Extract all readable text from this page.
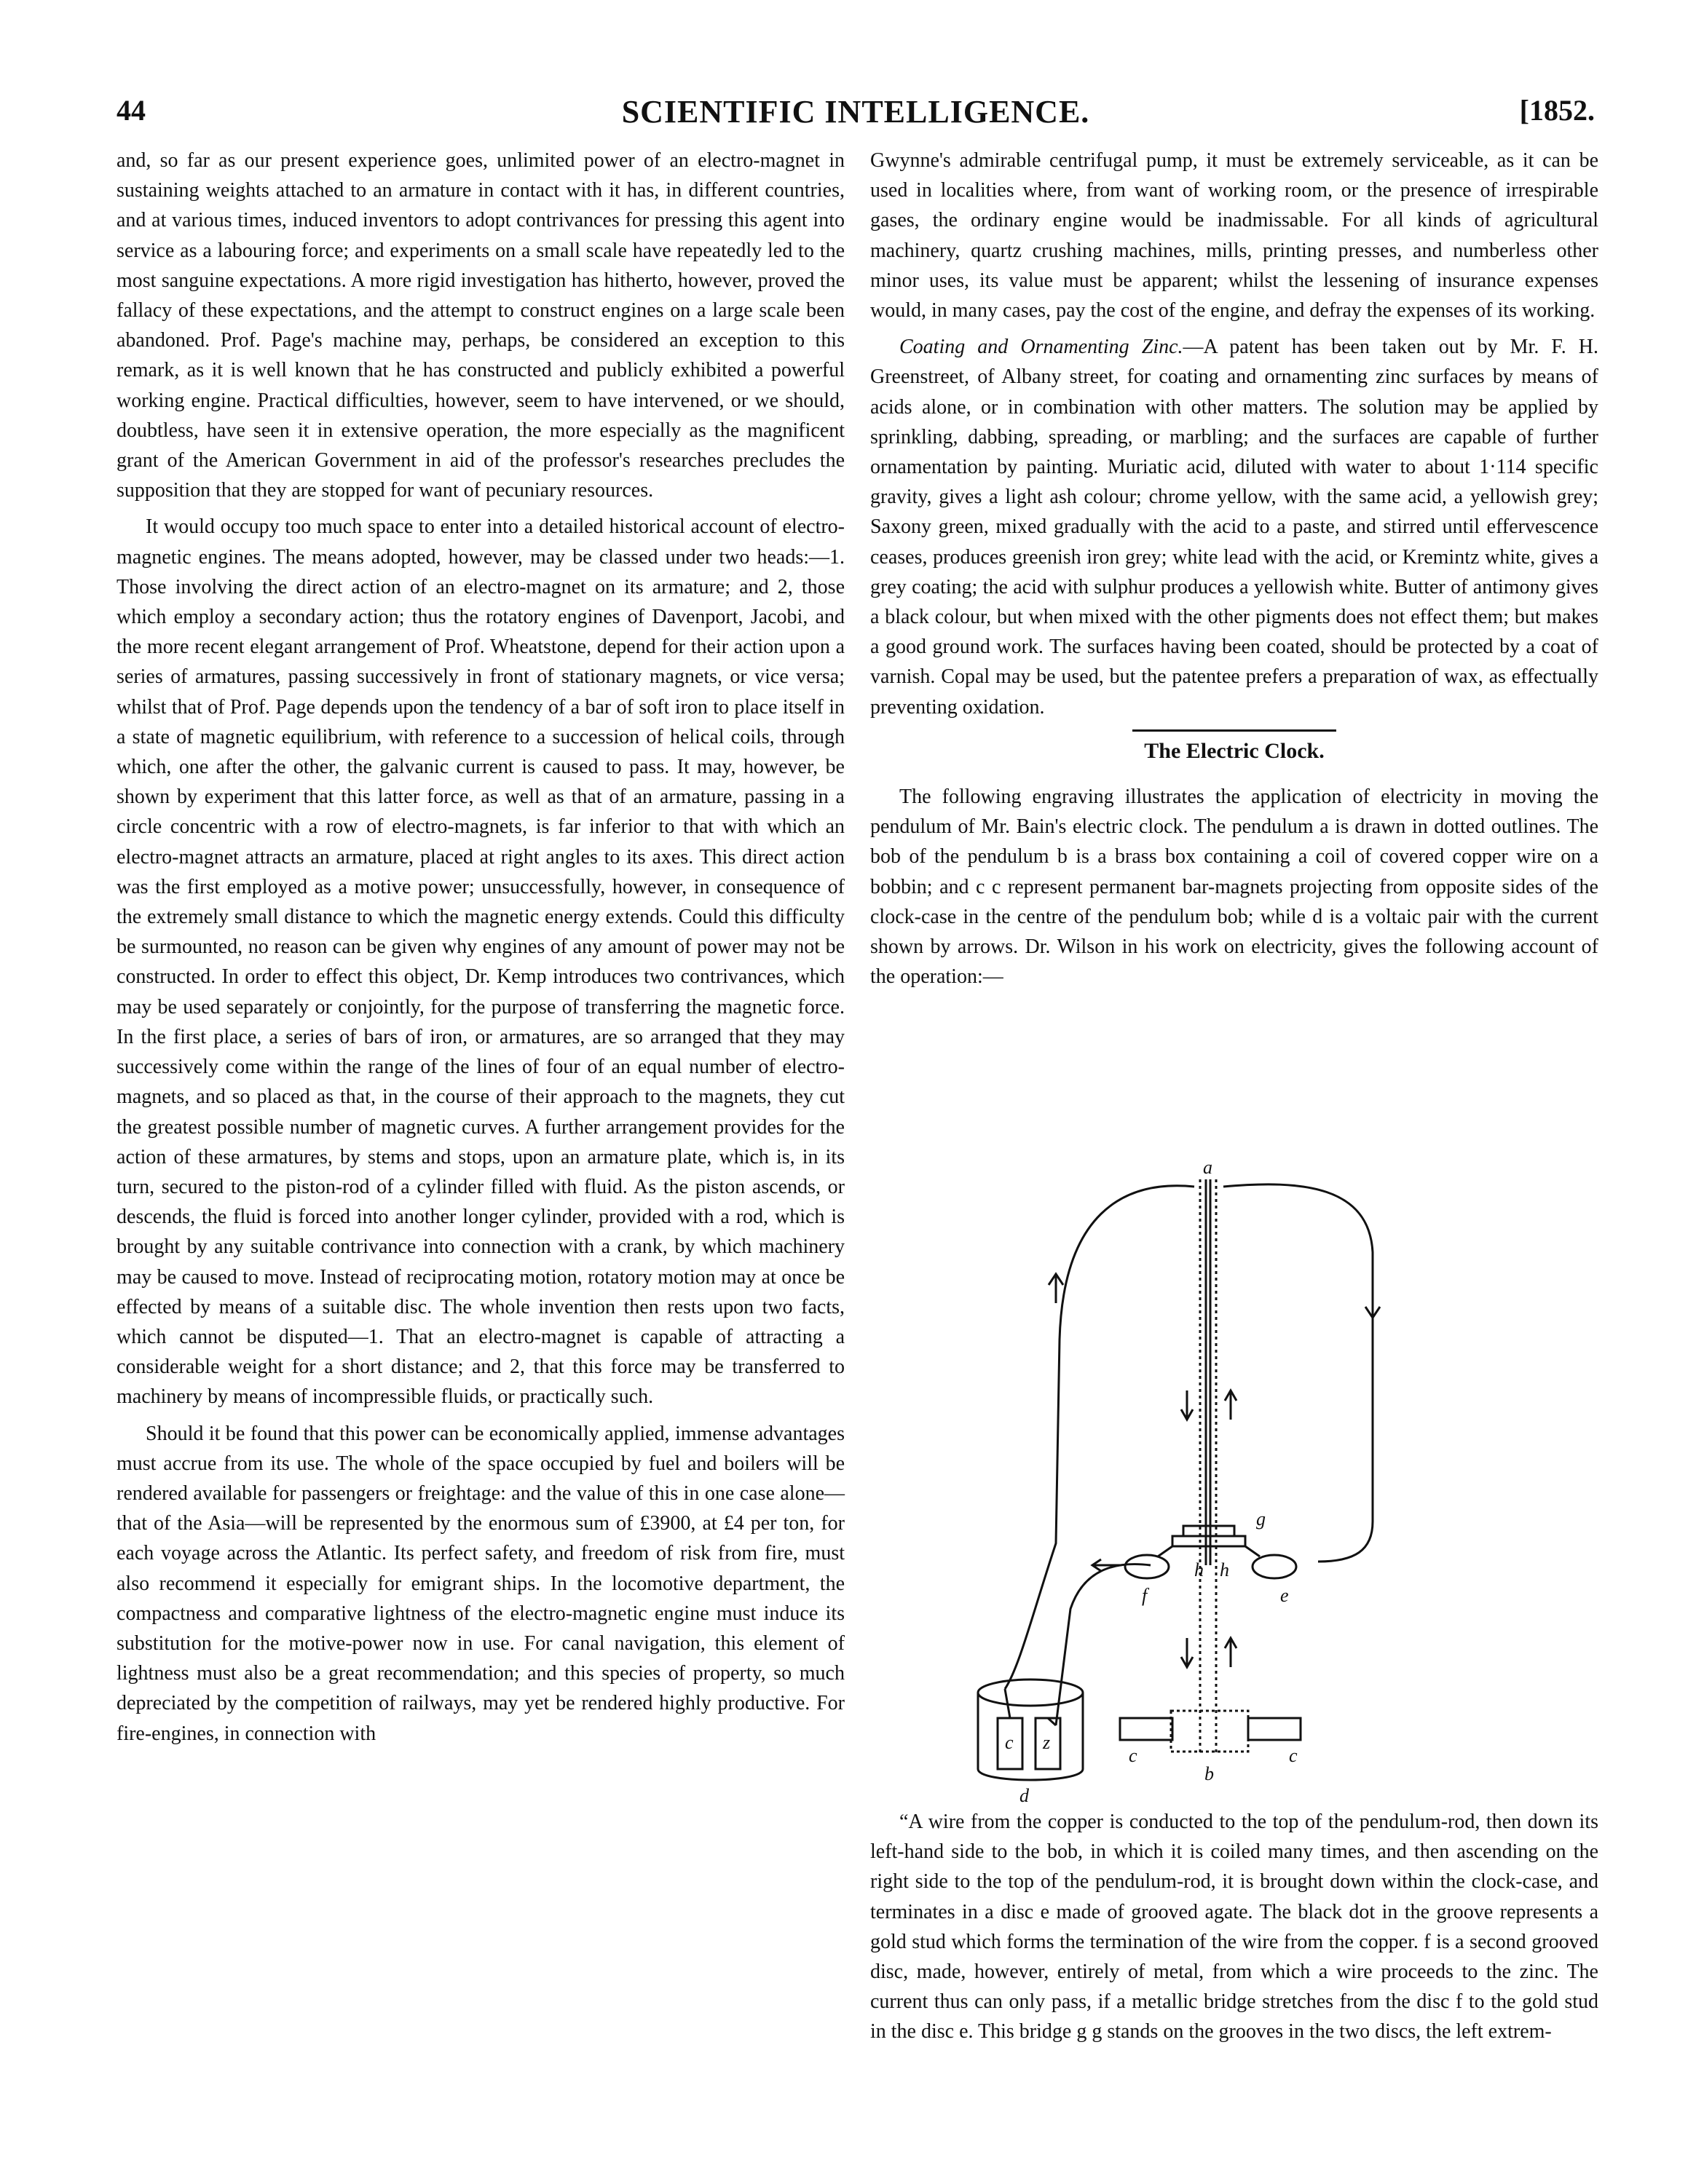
44	SCIENTIFIC INTELLIGENCE.	[1852.

and, so far as our present experience goes, unlimited power of an electro-magnet in sustaining weights attached to an armature in contact with it has, in different countries, and at various times, induced inventors to adopt contrivances for pressing this agent into service as a labouring force; and experiments on a small scale have repeatedly led to the most sanguine expectations. A more rigid investigation has hitherto, however, proved the fallacy of these expectations, and the attempt to construct engines on a large scale been abandoned. Prof. Page's machine may, perhaps, be considered an exception to this remark, as it is well known that he has constructed and publicly exhibited a powerful working engine. Practical difficulties, however, seem to have intervened, or we should, doubtless, have seen it in extensive operation, the more especially as the magnificent grant of the American Government in aid of the professor's researches precludes the supposition that they are stopped for want of pecuniary resources.

It would occupy too much space to enter into a detailed historical account of electro-magnetic engines. The means adopted, however, may be classed under two heads:—1. Those involving the direct action of an electro-magnet on its armature; and 2, those which employ a secondary action; thus the rotatory engines of Davenport, Jacobi, and the more recent elegant arrangement of Prof. Wheatstone, depend for their action upon a series of armatures, passing successively in front of stationary magnets, or vice versa; whilst that of Prof. Page depends upon the tendency of a bar of soft iron to place itself in a state of magnetic equilibrium, with reference to a succession of helical coils, through which, one after the other, the galvanic current is caused to pass. It may, however, be shown by experiment that this latter force, as well as that of an armature, passing in a circle concentric with a row of electro-magnets, is far inferior to that with which an electro-magnet attracts an armature, placed at right angles to its axes. This direct action was the first employed as a motive power; unsuccessfully, however, in consequence of the extremely small distance to which the magnetic energy extends. Could this difficulty be surmounted, no reason can be given why engines of any amount of power may not be constructed. In order to effect this object, Dr. Kemp introduces two contrivances, which may be used separately or conjointly, for the purpose of transferring the magnetic force. In the first place, a series of bars of iron, or armatures, are so arranged that they may successively come within the range of the lines of four of an equal number of electro-magnets, and so placed as that, in the course of their approach to the magnets, they cut the greatest possible number of magnetic curves. A further arrangement provides for the action of these armatures, by stems and stops, upon an armature plate, which is, in its turn, secured to the piston-rod of a cylinder filled with fluid. As the piston ascends, or descends, the fluid is forced into another longer cylinder, provided with a rod, which is brought by any suitable contrivance into connection with a crank, by which machinery may be caused to move. Instead of reciprocating motion, rotatory motion may at once be effected by means of a suitable disc. The whole invention then rests upon two facts, which cannot be disputed—1. That an electro-magnet is capable of attracting a considerable weight for a short distance; and 2, that this force may be transferred to machinery by means of incompressible fluids, or practically such.

Should it be found that this power can be economically applied, immense advantages must accrue from its use. The whole of the space occupied by fuel and boilers will be rendered available for passengers or freightage: and the value of this in one case alone—that of the Asia—will be represented by the enormous sum of £3900, at £4 per ton, for each voyage across the Atlantic. Its perfect safety, and freedom of risk from fire, must also recommend it especially for emigrant ships. In the locomotive department, the compactness and comparative lightness of the electro-magnetic engine must induce its substitution for the motive-power now in use. For canal navigation, this element of lightness must also be a great recommendation; and this species of property, so much depreciated by the competition of railways, may yet be rendered highly productive. For fire-engines, in connection with

Gwynne's admirable centrifugal pump, it must be extremely serviceable, as it can be used in localities where, from want of working room, or the presence of irrespirable gases, the ordinary engine would be inadmissable. For all kinds of agricultural machinery, quartz crushing machines, mills, printing presses, and numberless other minor uses, its value must be apparent; whilst the lessening of insurance expenses would, in many cases, pay the cost of the engine, and defray the expenses of its working.

Coating and Ornamenting Zinc.—A patent has been taken out by Mr. F. H. Greenstreet, of Albany street, for coating and ornamenting zinc surfaces by means of acids alone, or in combination with other matters. The solution may be applied by sprinkling, dabbing, spreading, or marbling; and the surfaces are capable of further ornamentation by painting. Muriatic acid, diluted with water to about 1·114 specific gravity, gives a light ash colour; chrome yellow, with the same acid, a yellowish grey; Saxony green, mixed gradually with the acid to a paste, and stirred until effervescence ceases, produces greenish iron grey; white lead with the acid, or Kremintz white, gives a grey coating; the acid with sulphur produces a yellowish white. Butter of antimony gives a black colour, but when mixed with the other pigments does not effect them; but makes a good ground work. The surfaces having been coated, should be protected by a coat of varnish. Copal may be used, but the patentee prefers a preparation of wax, as effectually preventing oxidation.

The Electric Clock.

The following engraving illustrates the application of electricity in moving the pendulum of Mr. Bain's electric clock. The pendulum a is drawn in dotted outlines. The bob of the pendulum b is a brass box containing a coil of covered copper wire on a bobbin; and c c represent permanent bar-magnets projecting from opposite sides of the clock-case in the centre of the pendulum bob; while d is a voltaic pair with the current shown by arrows. Dr. Wilson in his work on electricity, gives the following account of the operation:—

a
g
h h
f	e
c	c
b
d
c z

“A wire from the copper is conducted to the top of the pendulum-rod, then down its left-hand side to the bob, in which it is coiled many times, and then ascending on the right side to the top of the pendulum-rod, it is brought down within the clock-case, and terminates in a disc e made of grooved agate. The black dot in the groove represents a gold stud which forms the termination of the wire from the copper. f is a second grooved disc, made, however, entirely of metal, from which a wire proceeds to the zinc. The current thus can only pass, if a metallic bridge stretches from the disc f to the gold stud in the disc e. This bridge g g stands on the grooves in the two discs, the left extrem-
